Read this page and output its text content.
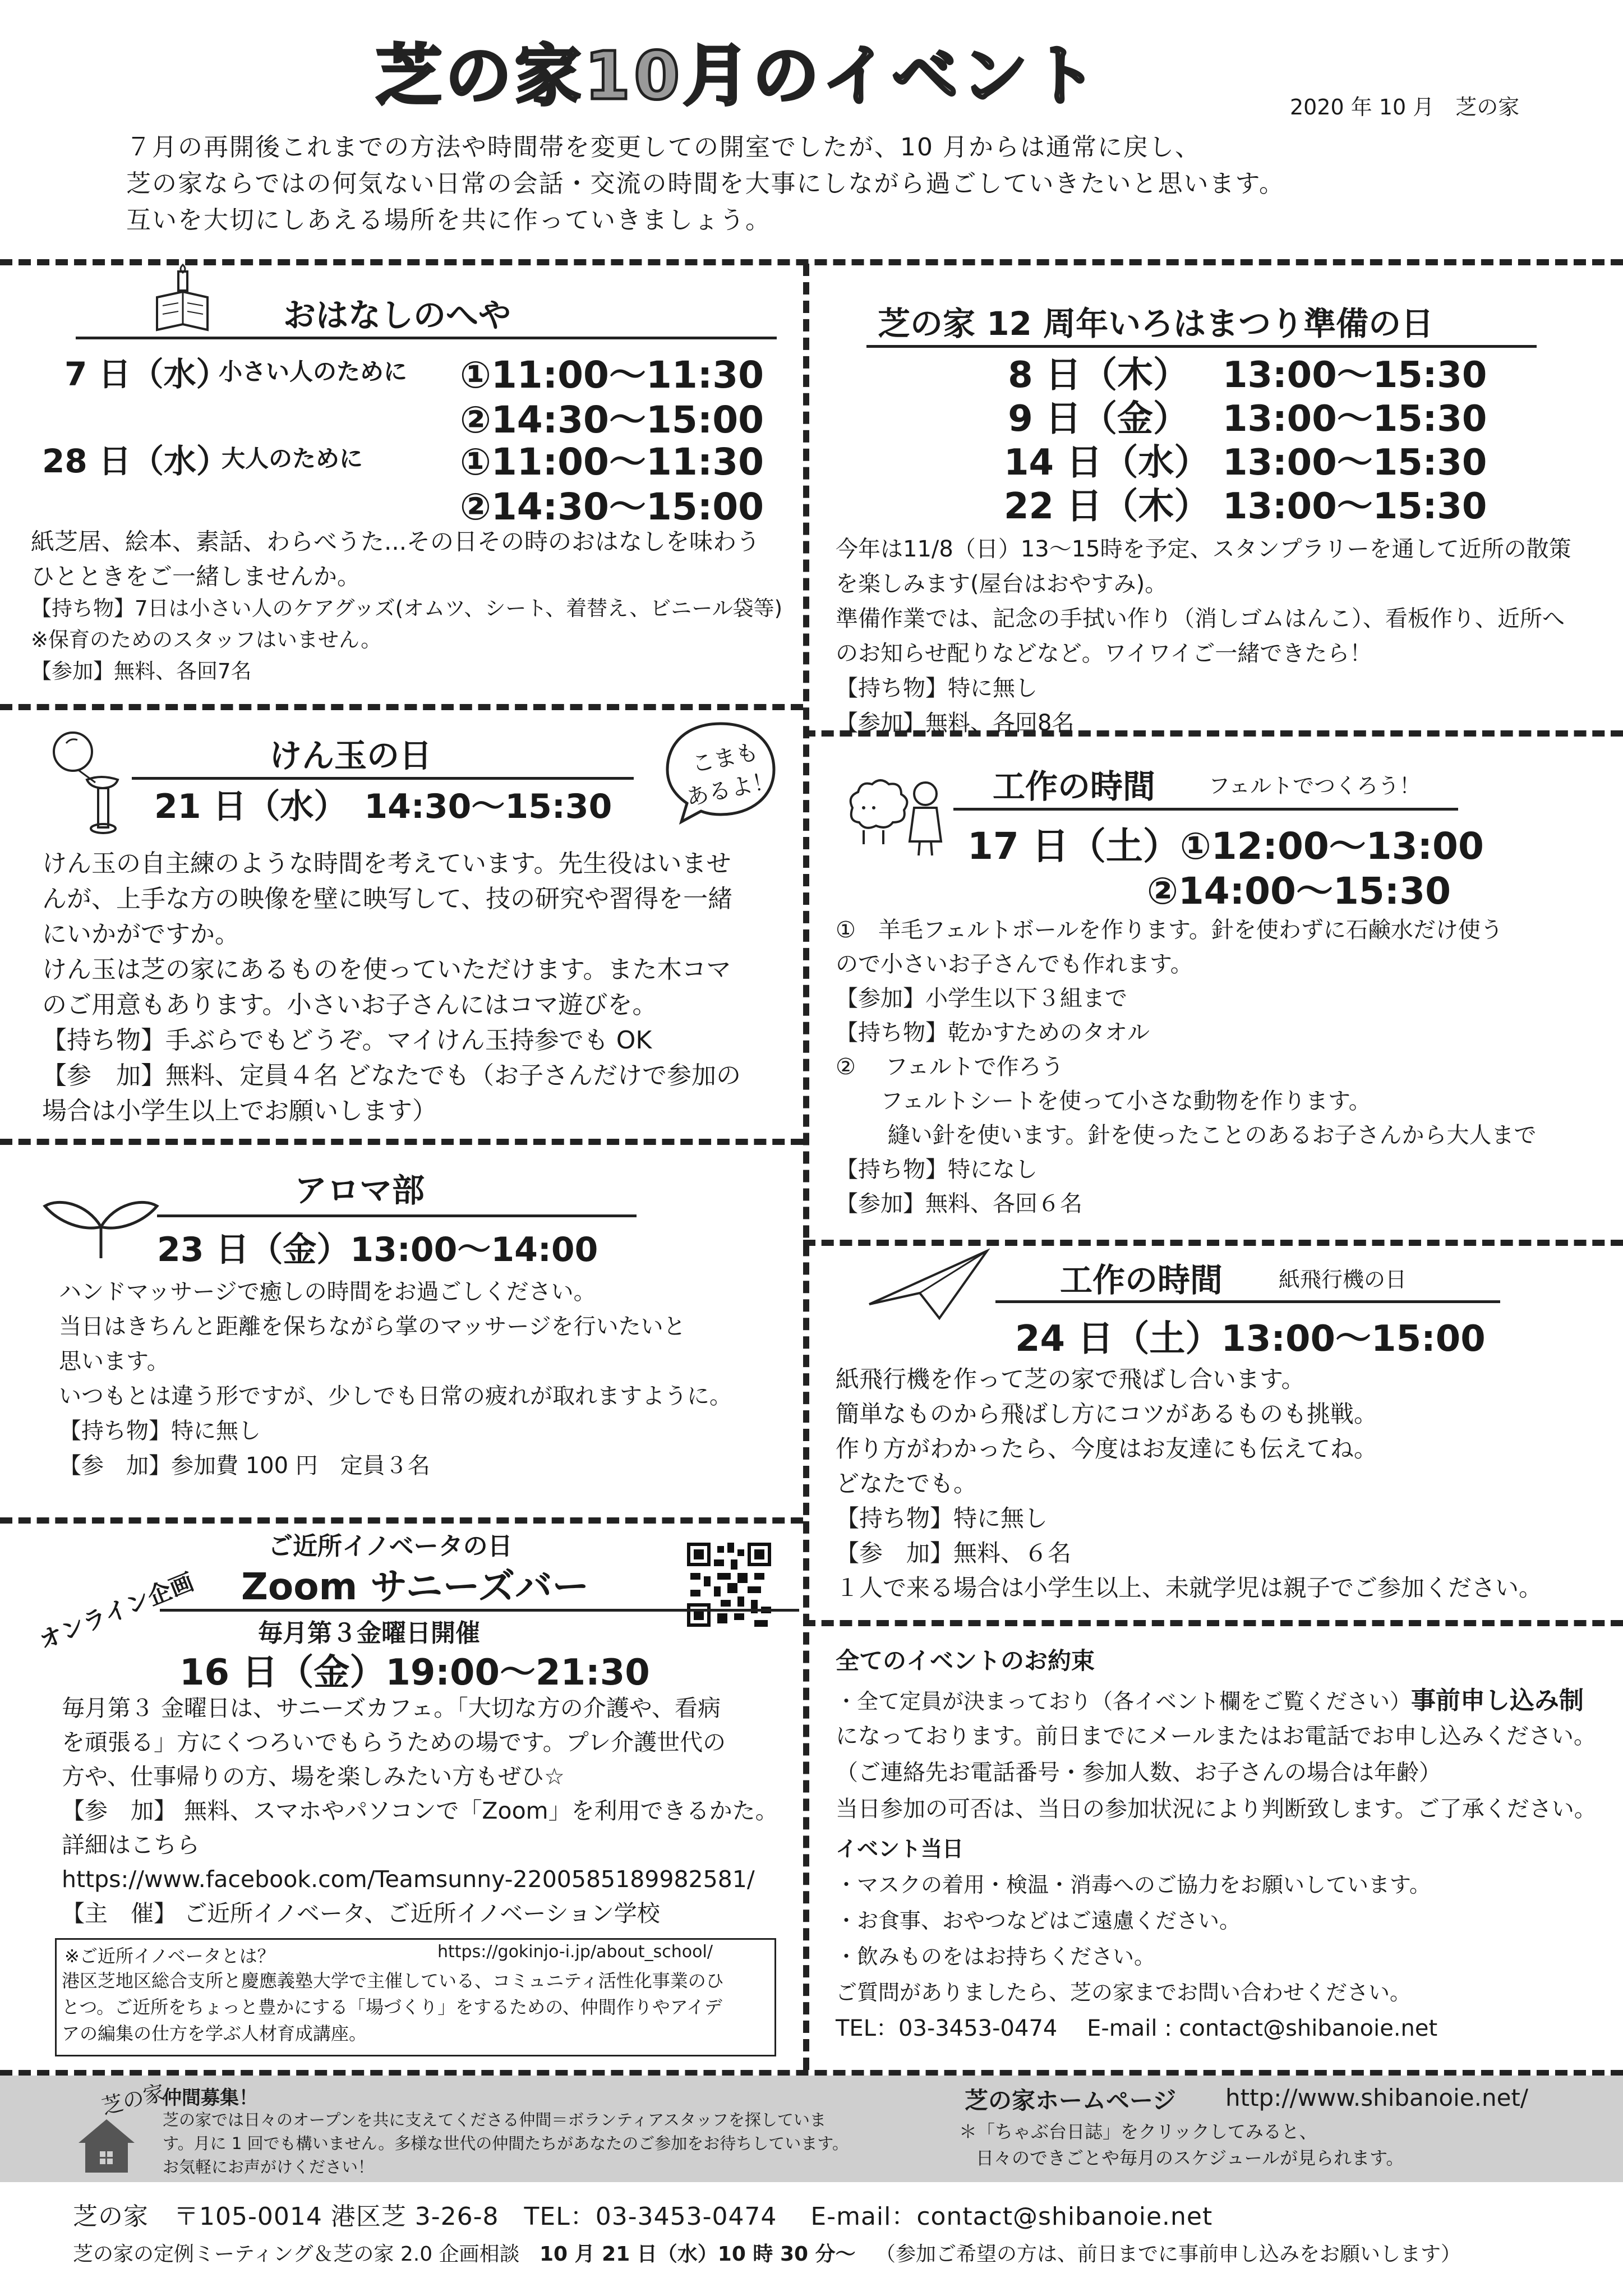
芝の家10月のイベント	2020 年 10 月　芝の家
７月の再開後これまでの方法や時間帯を変更しての開室でしたが、10 月からは通常に戻し、
芝の家ならではの何気ない日常の会話・交流の時間を大事にしながら過ごしていきたいと思います。
互いを大切にしあえる場所を共に作っていきましょう。
おはなしのへや
7 日（水）
小さい人のために ①11:00〜11:30
②14:30〜15:00
28 日（水）
大人のために	①11:00〜11:30
②14:30〜15:00
紙芝居、絵本、素話、わらべうた...その日その時のおはなしを味わう
ひとときをご一緒しませんか。
【持ち物】7日は小さい人のケアグッズ(オムツ、シート、着替え、ビニール袋等)
※保育のためのスタッフはいません。
【参加】無料、各回7名
芝の家 12 周年いろはまつり準備の日
8 日（木） 13:00〜15:30
9 日（金） 13:00〜15:30
14 日（水） 13:00〜15:30
22 日（木） 13:00〜15:30
今年は11/8（日）13〜15時を予定、スタンプラリーを通して近所の散策
を楽しみます(屋台はおやすみ)。
準備作業では、記念の手拭い作り（消しゴムはんこ）、看板作り、近所へ
のお知らせ配りなどなど。ワイワイご一緒できたら！
【持ち物】特に無し
【参加】無料、各回8名
けん玉の日	こまも
あるよ！
21 日（水）　14:30〜15:30
けん玉の自主練のような時間を考えています。先生役はいませ
んが、上手な方の映像を壁に映写して、技の研究や習得を一緒
にいかがですか。
けん玉は芝の家にあるものを使っていただけます。また木コマ
のご用意もあります。小さいお子さんにはコマ遊びを。
【持ち物】手ぶらでもどうぞ。マイけん玉持参でも OK
【参　加】無料、定員４名 どなたでも（お子さんだけで参加の
場合は小学生以上でお願いします）
工作の時間 フェルトでつくろう！
17 日（土）①12:00〜13:00
②14:00〜15:30
①　羊毛フェルトボールを作ります。針を使わずに石鹸水だけ使う
ので小さいお子さんでも作れます。
【参加】小学生以下３組まで
【持ち物】乾かすためのタオル
②　 フェルトで作ろう
　　フェルトシートを使って小さな動物を作ります。
　　 縫い針を使います。針を使ったことのあるお子さんから大人まで
【持ち物】特になし
【参加】無料、各回６名
アロマ部
23 日（金）13:00〜14:00
ハンドマッサージで癒しの時間をお過ごしください。
当日はきちんと距離を保ちながら掌のマッサージを行いたいと
思います。
いつもとは違う形ですが、少しでも日常の疲れが取れますように。
【持ち物】特に無し
【参　加】参加費 100 円　定員３名
工作の時間	紙飛行機の日
24 日（土）13:00〜15:00
紙飛行機を作って芝の家で飛ばし合います。
簡単なものから飛ばし方にコツがあるものも挑戦。
作り方がわかったら、今度はお友達にも伝えてね。
どなたでも。
【持ち物】特に無し
【参　加】無料、６名
１人で来る場合は小学生以上、未就学児は親子でご参加ください。
オンライン企画
ご近所イノベータの日
Zoom サニーズバー
毎月第３金曜日開催
16 日（金）19:00〜21:30
毎月第３ 金曜日は、サニーズカフェ。「大切な方の介護や、看病
を頑張る」方にくつろいでもらうための場です。プレ介護世代の
方や、仕事帰りの方、場を楽しみたい方もぜひ☆
【参　加】 無料、スマホやパソコンで「Zoom」を利用できるかた。
詳細はこちら
https://www.facebook.com/Teamsunny-2200585189982581/
【主　催】 ご近所イノベータ、ご近所イノベーション学校
※ご近所イノベータとは？	https://gokinjo-i.jp/about_school/
港区芝地区総合支所と慶應義塾大学で主催している、コミュニティ活性化事業のひ
とつ。ご近所をちょっと豊かにする「場づくり」をするための、仲間作りやアイデ
アの編集の仕方を学ぶ人材育成講座。
全てのイベントのお約束
・全て定員が決まっており（各イベント欄をご覧ください）事前申し込み制
になっております。前日までにメールまたはお電話でお申し込みください。
（ご連絡先お電話番号・参加人数、お子さんの場合は年齢）
当日参加の可否は、当日の参加状況により判断致します。ご了承ください。
イベント当日
・マスクの着用・検温・消毒へのご協力をお願いしています。
・お食事、おやつなどはご遠慮ください。
・飲みものをはお持ちください。
ご質問がありましたら、芝の家までお問い合わせください。
TEL：03-3453-0474　 E-mail : contact@shibanoie.net
芝の家
仲間募集！
芝の家では日々のオープンを共に支えてくださる仲間＝ボランティアスタッフを探していま
す。月に 1 回でも構いません。多様な世代の仲間たちがあなたのご参加をお待ちしています。
お気軽にお声がけください！
芝の家ホームページ http://www.shibanoie.net/
＊「ちゃぶ台日誌」をクリックしてみると、
日々のできごとや毎月のスケジュールが見られます。
芝の家　〒105-0014 港区芝 3-26-8　TEL：03-3453-0474　 E-mail：contact@shibanoie.net
芝の家の定例ミーティング＆芝の家 2.0 企画相談 10 月 21 日（水）10 時 30 分〜 （参加ご希望の方は、前日までに事前申し込みをお願いします）
